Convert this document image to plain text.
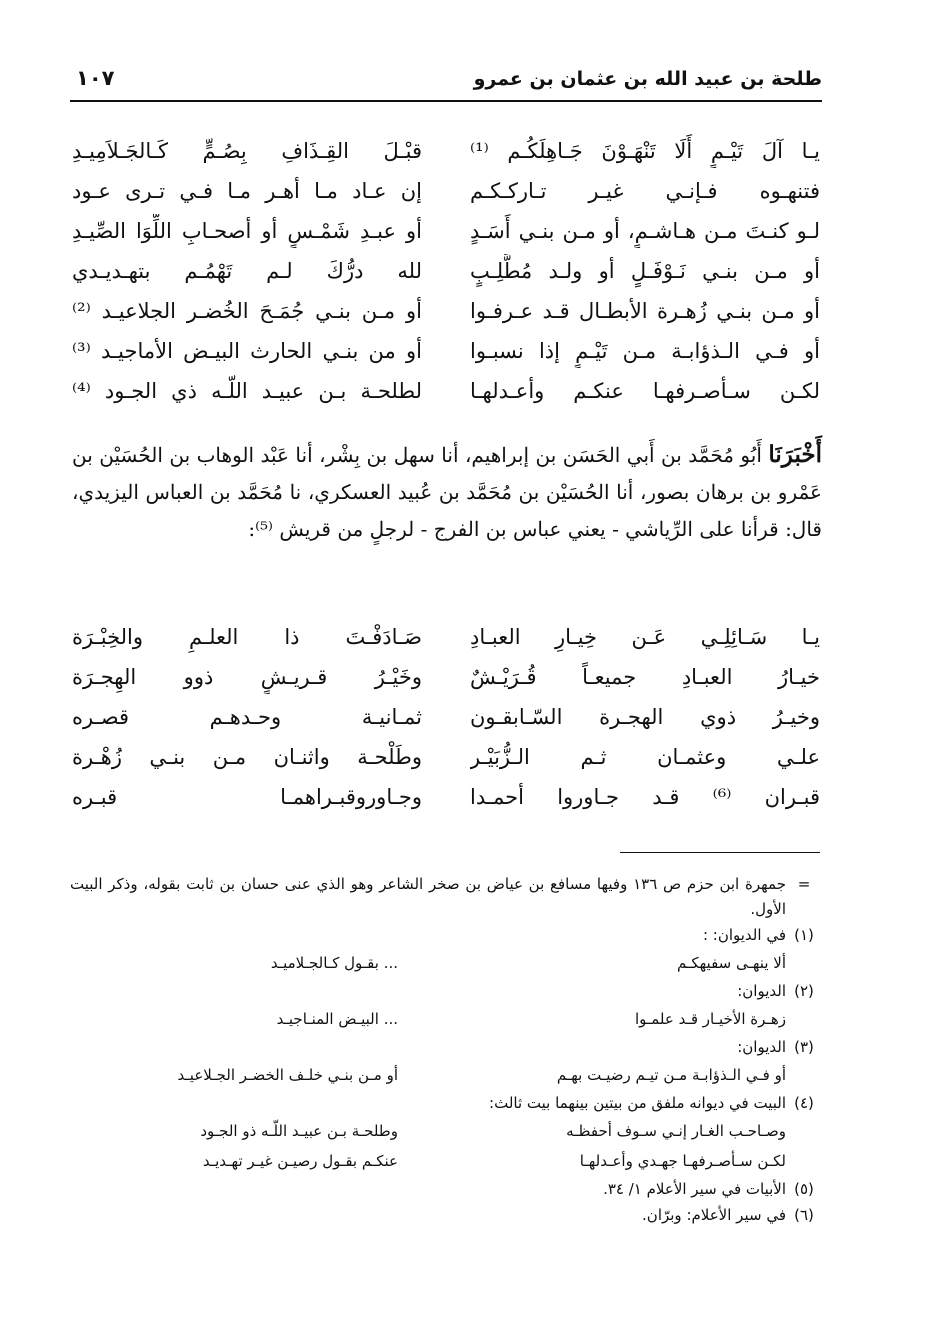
طلحة بن عبيد الله بن عثمان بن عمرو
١٠٧
يـا آلَ تَيْـمٍ أَلَا تَنْهَـوْنَ جَـاهِلَكُـم ⁽¹⁾
قبْـلَ القِـذَافِ بِصُـمٍّ كَـالجَـلاَمِيـدِ
فتنهـوه فـإنـي غيـر تـاركـكـم
إن عـاد مـا أهـر مـا فـي تـرى عـود
لـو كنـتَ مـن هـاشـمٍ، أو مـن بنـي أَسَـدٍ
أو عبـدِ شَمْـسٍ أو أصحـابِ اللِّوَا الصِّيـدِ
أو مـن بنـي نَـوْفَـلٍ أو ولـد مُطَّلِـبٍ
لله درُّكَ لـم تَهْمُـم بتهـديـدي
أو مـن بنـي زُهـرة الأبطـال قـد عـرفـوا
أو مـن بنـي جُمَـحَ الخُضـر الجلاعيـد ⁽²⁾
أو فـي الـذؤابـة مـن تَيْـمٍ إذا نسبـوا
أو من بنـي الحارث البيـض الأماجيـد ⁽³⁾
لكـن سـأصـرفهـا عنكـم وأعـدلهـا
لطلحـة بـن عبيـد اللّـه ذي الجـود ⁽⁴⁾
أَخْبَرَنَا أَبُو مُحَمَّد بن أَبي الحَسَن بن إبراهيم، أنا سهل بن بِشْر، أنا عَبْد الوهاب بن الحُسَيْن بن عَمْرو بن برهان بصور، أنا الحُسَيْن بن مُحَمَّد بن عُبيد العسكري، نا مُحَمَّد بن العباس اليزيدي، قال: قرأنا على الرِّياشي - يعني عباس بن الفرج - لرجلٍ من قريش ⁽⁵⁾:
يـا سَـائِلِـي عَـن خِيـارِ العبـادِ
صَـادَفْـتَ ذا العلـمِ والخِبْـرَة
خيـارُ العبـادِ جميعـاً قُـرَيْـشٌ
وخَيْـرُ قـريـشٍ ذوو الهِجـرَة
وخيـرُ ذوي الهجـرة السّـابقـون
ثمـانيـة وحـدهـم قصـره
علـي وعثمـان ثـم الـزُّبَيْـر
وطَلْحـة واثنـان مـن بنـي زُهْـرة
قبـران ⁽⁶⁾ قـد جـاوروا أحمـدا
وجـاوروقبـراهمـا قبـره
=
جمهرة ابن حزم ص ١٣٦ وفيها مسافع بن عياض بن صخر الشاعر وهو الذي عنى حسان بن ثابت بقوله، وذكر البيت الأول.
(١)
في الديوان: :
ألا ينهـى سفيهكـم
... بقـول كـالجـلاميـد
(٢)
الديوان:
زهـرة الأخيـار قـد علمـوا
... البيـض المنـاجيـد
(٣)
الديوان:
أو فـي الـذؤابـة مـن تيـم رضيـت بهـم
أو مـن بنـي خلـف الخضـر الجـلاعيـد
(٤)
البيت في ديوانه ملفق من بيتين بينهما بيت ثالث:
وصـاحـب الغـار إنـي سـوف أحفظـه
وطلحـة بـن عبيـد اللّـه ذو الجـود
لكـن سـأصـرفهـا جهـدي وأعـدلهـا
عنكـم بقـول رصيـن غيـر تهـديـد
(٥)
الأبيات في سير الأعلام ١/ ٣٤.
(٦)
في سير الأعلام: وبرّان.
